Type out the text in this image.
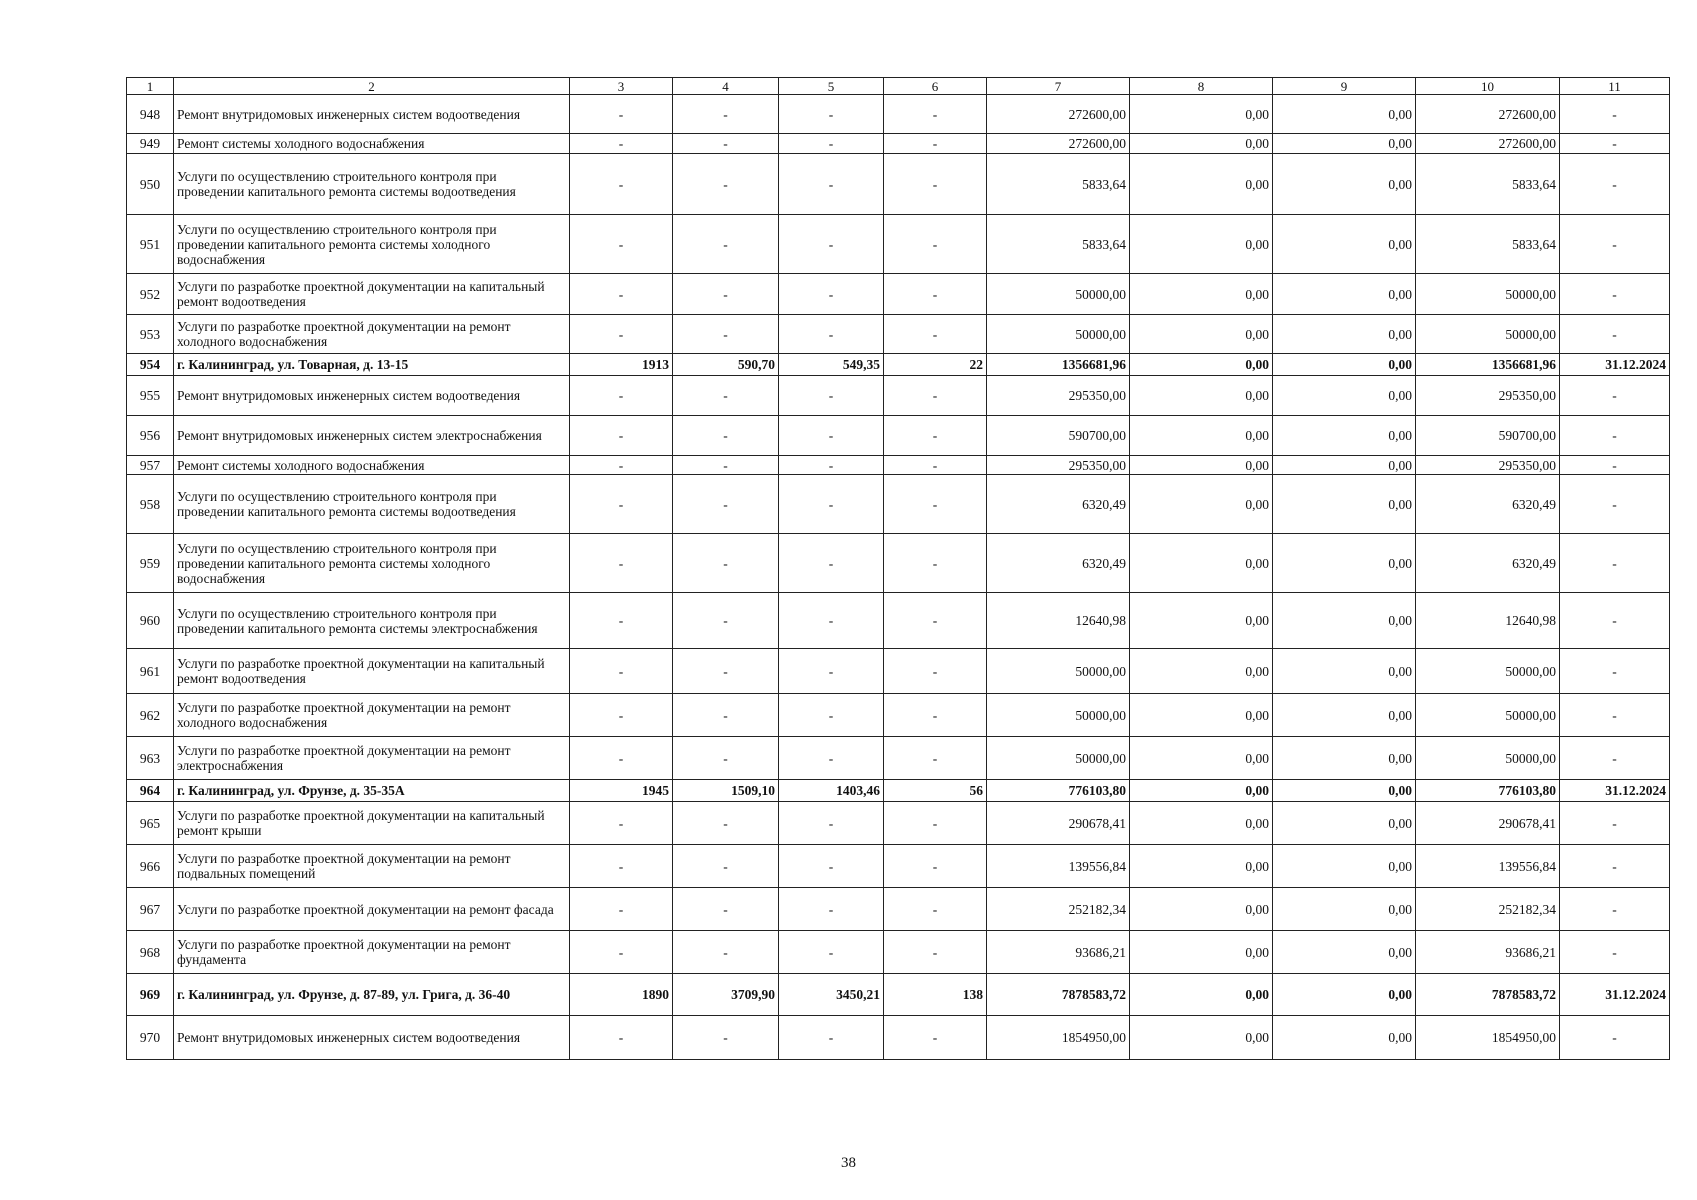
1	2	3	4	5	6	7	8	9	10	11
948	Ремонт внутридомовых инженерных систем водоотведения	-	-	-	-	272600,00	0,00	0,00	272600,00	-
949	Ремонт системы холодного водоснабжения	-	-	-	-	272600,00	0,00	0,00	272600,00	-
950	Услуги по осуществлению строительного контроля при проведении капитального ремонта системы водоотведения	-	-	-	-	5833,64	0,00	0,00	5833,64	-
951	Услуги по осуществлению строительного контроля при проведении капитального ремонта системы холодного водоснабжения	-	-	-	-	5833,64	0,00	0,00	5833,64	-
952	Услуги по разработке проектной документации на капитальный ремонт водоотведения	-	-	-	-	50000,00	0,00	0,00	50000,00	-
953	Услуги по разработке проектной документации на ремонт холодного водоснабжения	-	-	-	-	50000,00	0,00	0,00	50000,00	-
954	г. Калининград, ул. Товарная, д. 13-15	1913	590,70	549,35	22	1356681,96	0,00	0,00	1356681,96	31.12.2024
955	Ремонт внутридомовых инженерных систем водоотведения	-	-	-	-	295350,00	0,00	0,00	295350,00	-
956	Ремонт внутридомовых инженерных систем электроснабжения	-	-	-	-	590700,00	0,00	0,00	590700,00	-
957	Ремонт системы холодного водоснабжения	-	-	-	-	295350,00	0,00	0,00	295350,00	-
958	Услуги по осуществлению строительного контроля при проведении капитального ремонта системы водоотведения	-	-	-	-	6320,49	0,00	0,00	6320,49	-
959	Услуги по осуществлению строительного контроля при проведении капитального ремонта системы холодного водоснабжения	-	-	-	-	6320,49	0,00	0,00	6320,49	-
960	Услуги по осуществлению строительного контроля при проведении капитального ремонта системы электроснабжения	-	-	-	-	12640,98	0,00	0,00	12640,98	-
961	Услуги по разработке проектной документации на капитальный ремонт водоотведения	-	-	-	-	50000,00	0,00	0,00	50000,00	-
962	Услуги по разработке проектной документации на ремонт холодного водоснабжения	-	-	-	-	50000,00	0,00	0,00	50000,00	-
963	Услуги по разработке проектной документации на ремонт электроснабжения	-	-	-	-	50000,00	0,00	0,00	50000,00	-
964	г. Калининград, ул. Фрунзе, д. 35-35А	1945	1509,10	1403,46	56	776103,80	0,00	0,00	776103,80	31.12.2024
965	Услуги по разработке проектной документации на капитальный ремонт крыши	-	-	-	-	290678,41	0,00	0,00	290678,41	-
966	Услуги по разработке проектной документации на ремонт подвальных помещений	-	-	-	-	139556,84	0,00	0,00	139556,84	-
967	Услуги по разработке проектной документации на ремонт фасада	-	-	-	-	252182,34	0,00	0,00	252182,34	-
968	Услуги по разработке проектной документации на ремонт фундамента	-	-	-	-	93686,21	0,00	0,00	93686,21	-
969	г. Калининград, ул. Фрунзе, д. 87-89, ул. Грига, д. 36-40	1890	3709,90	3450,21	138	7878583,72	0,00	0,00	7878583,72	31.12.2024
970	Ремонт внутридомовых инженерных систем водоотведения	-	-	-	-	1854950,00	0,00	0,00	1854950,00	-
38
